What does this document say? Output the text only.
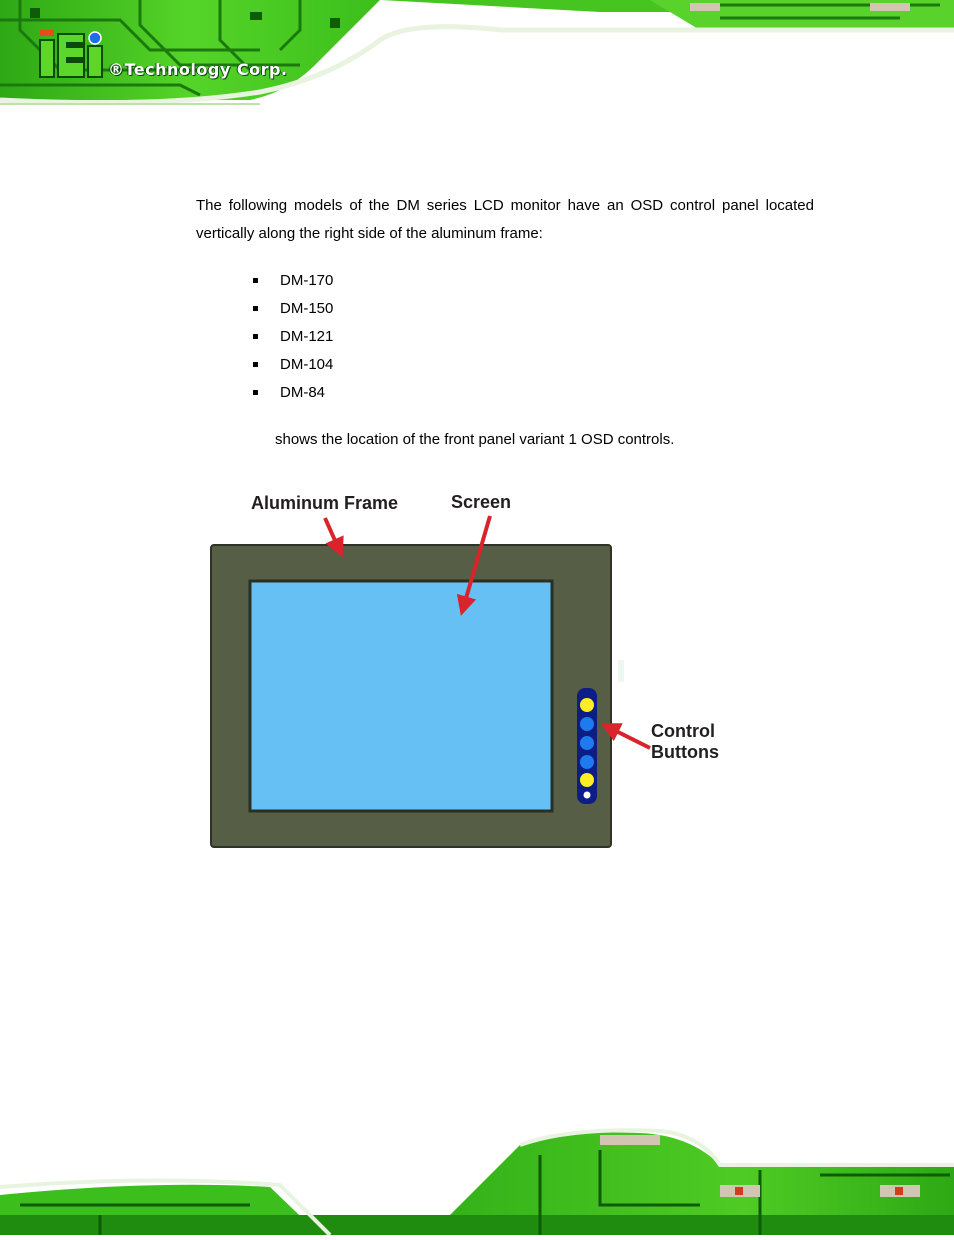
®Technology Corp.
The following models of the DM series LCD monitor have an OSD control panel located vertically along the right side of the aluminum frame:
DM-170
DM-150
DM-121
DM-104
DM-84
shows the location of the front panel variant 1 OSD controls.
Aluminum Frame	Screen
Control
Buttons
